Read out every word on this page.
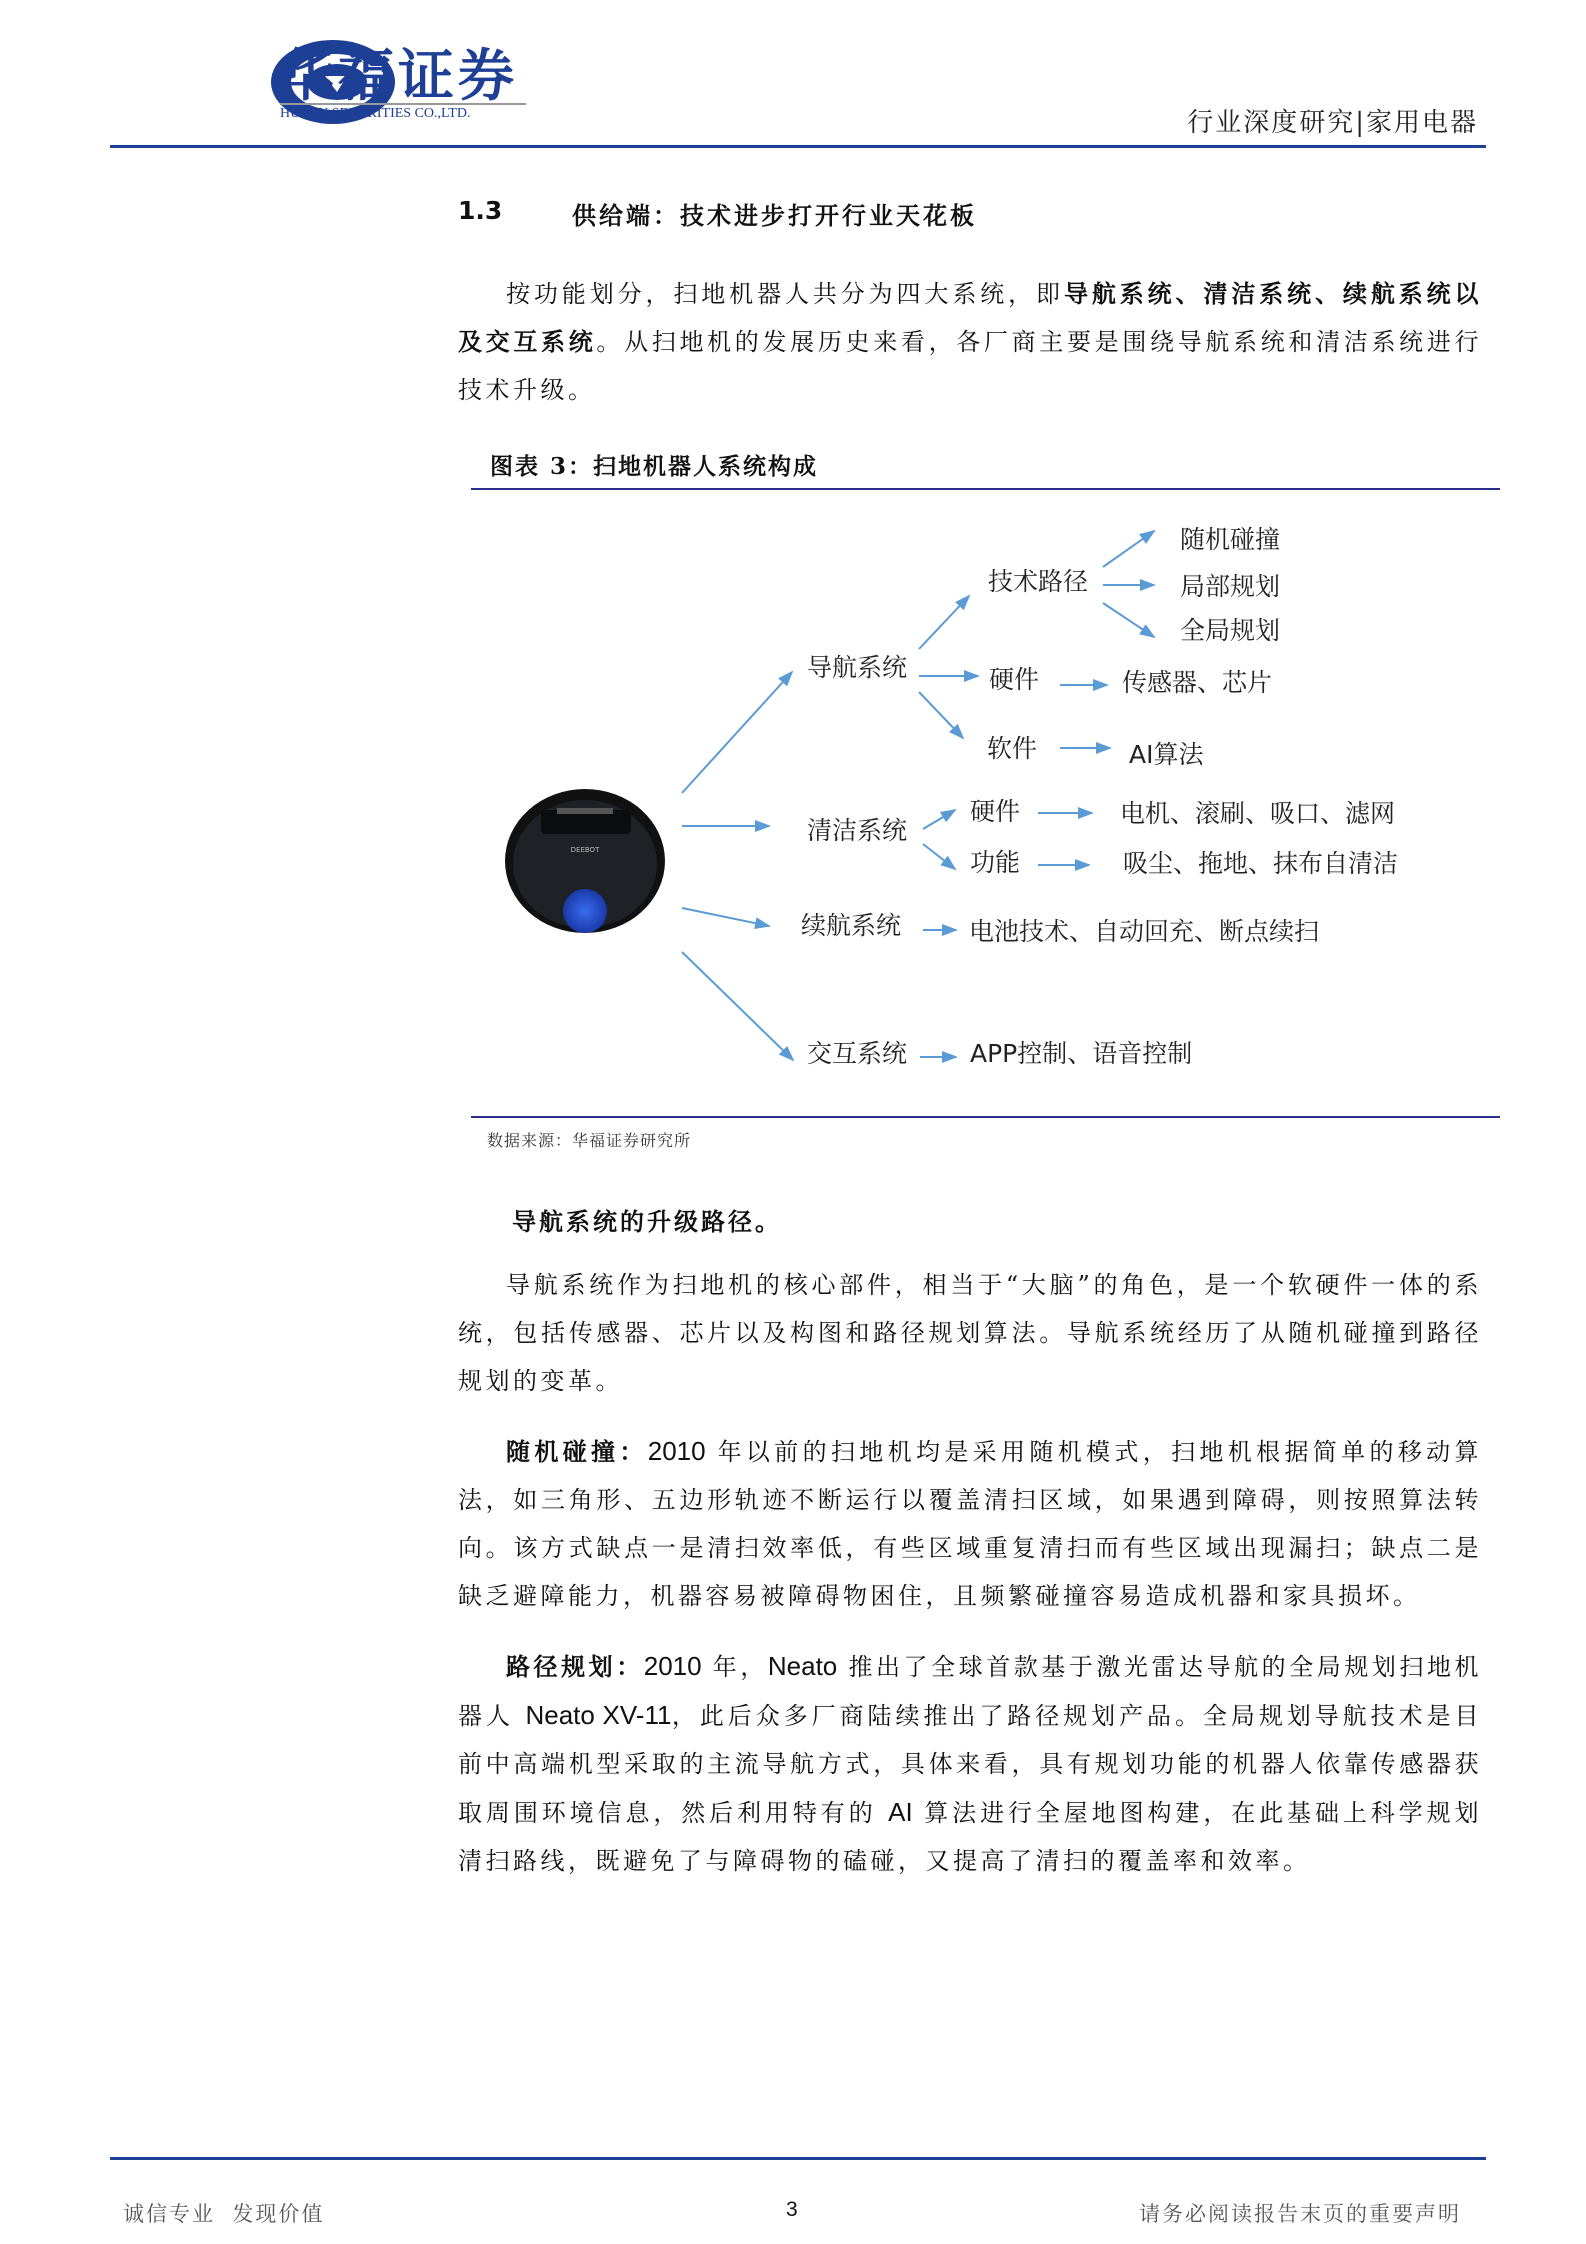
华福证券
HUAFU SECURITIES CO.,LTD.	行业深度研究|家用电器
1.3	供给端：技术进步打开行业天花板

按功能划分，扫地机器人共分为四大系统，即导航系统、清洁系统、续航系统以及交互系统。从扫地机的发展历史来看，各厂商主要是围绕导航系统和清洁系统进行技术升级。

图表 3：扫地机器人系统构成
DEEBOT
导航系统
技术路径
随机碰撞
局部规划
全局规划
硬件	传感器、芯片
软件	AI算法
清洁系统
硬件	电机、滚刷、吸口、滤网
功能	吸尘、拖地、抹布自清洁
续航系统	电池技术、自动回充、断点续扫
交互系统	APP控制、语音控制
数据来源：华福证券研究所
导航系统的升级路径。

导航系统作为扫地机的核心部件，相当于“大脑”的角色，是一个软硬件一体的系统，包括传感器、芯片以及构图和路径规划算法。导航系统经历了从随机碰撞到路径规划的变革。

随机碰撞：2010 年以前的扫地机均是采用随机模式，扫地机根据简单的移动算法，如三角形、五边形轨迹不断运行以覆盖清扫区域，如果遇到障碍，则按照算法转向。该方式缺点一是清扫效率低，有些区域重复清扫而有些区域出现漏扫；缺点二是缺乏避障能力，机器容易被障碍物困住，且频繁碰撞容易造成机器和家具损坏。

路径规划：2010 年，Neato 推出了全球首款基于激光雷达导航的全局规划扫地机器人 Neato XV-11，此后众多厂商陆续推出了路径规划产品。全局规划导航技术是目前中高端机型采取的主流导航方式，具体来看，具有规划功能的机器人依靠传感器获取周围环境信息，然后利用特有的 AI 算法进行全屋地图构建，在此基础上科学规划清扫路线，既避免了与障碍物的磕碰，又提高了清扫的覆盖率和效率。

诚信专业  发现价值	3	请务必阅读报告末页的重要声明
